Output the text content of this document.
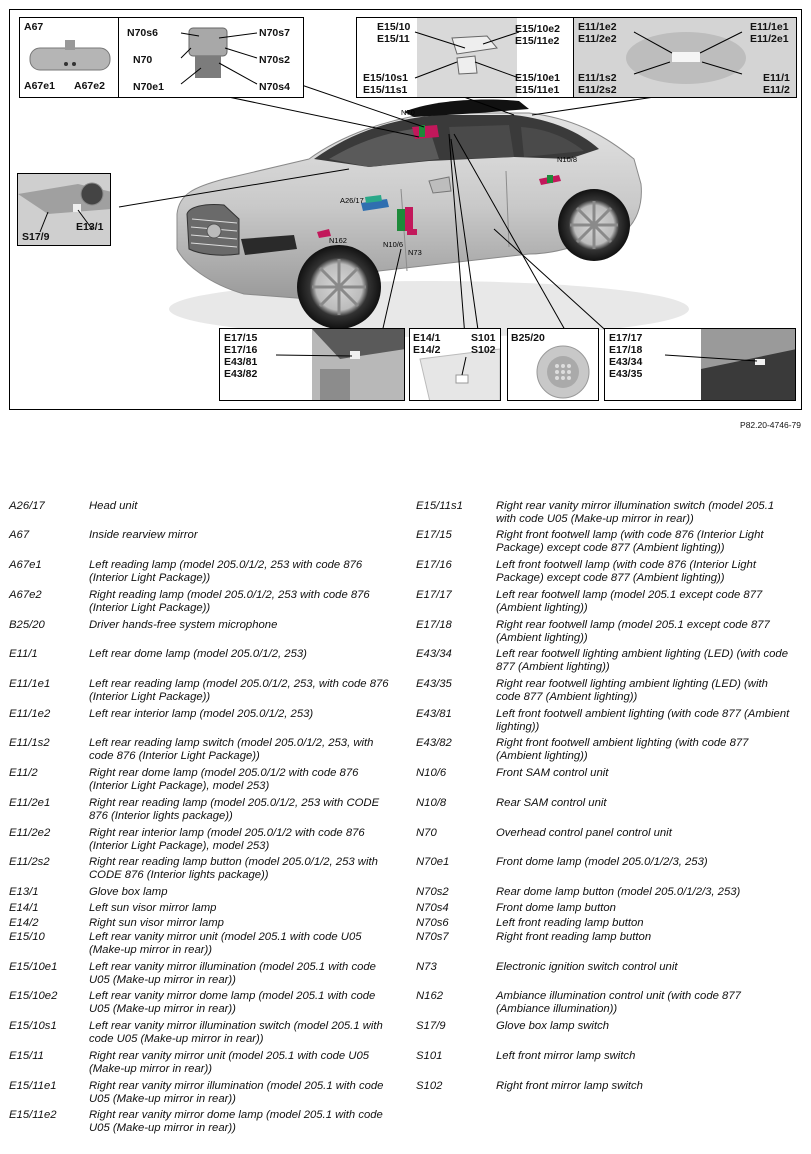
N70
N10/8
A26/17
N162	N10/6
N73
A67
A67e1 A67e2
N70s6	N70s7
N70	N70s2
N70e1	N70s4
E15/10
E15/11
E15/10e2
E15/11e2
E15/10s1
E15/11s1
E15/10e1
E15/11e1
E11/1e2
E11/2e2
E11/1e1
E11/2e1
E11/1s2
E11/2s2
E11/1
E11/2
S17/9
E13/1
E17/15
E17/16
E43/81
E43/82
E14/1
E14/2
S101
S102
B25/20	E17/17
E17/18
E43/34
E43/35
P82.20-4746-79
A26/17	Head unit
A67	Inside rearview mirror
A67e1	Left reading lamp (model 205.0/1/2, 253 with code 876 (Interior Light Package))
A67e2	Right reading lamp (model 205.0/1/2, 253 with code 876 (Interior Light Package))
B25/20	Driver hands-free system microphone
E11/1	Left rear dome lamp (model 205.0/1/2, 253)
E11/1e1	Left rear reading lamp (model 205.0/1/2, 253, with code 876 (Interior Light Package))
E11/1e2	Left rear interior lamp (model 205.0/1/2, 253)
E11/1s2	Left rear reading lamp switch (model 205.0/1/2, 253, with code 876 (Interior Light Package))
E11/2	Right rear dome lamp (model 205.0/1/2 with code 876 (Interior Light Package), model 253)
E11/2e1	Right rear reading lamp (model 205.0/1/2, 253 with CODE 876 (Interior lights package))
E11/2e2	Right rear interior lamp (model 205.0/1/2 with code 876 (Interior Light Package), model 253)
E11/2s2	Right rear reading lamp button (model 205.0/1/2, 253 with CODE 876 (Interior lights package))
E13/1	Glove box lamp
E14/1	Left sun visor mirror lamp
E14/2	Right sun visor mirror lamp
E15/10	Left rear vanity mirror unit (model 205.1 with code U05 (Make-up mirror in rear))
E15/10e1	Left rear vanity mirror illumination (model 205.1 with code U05 (Make-up mirror in rear))
E15/10e2	Left rear vanity mirror dome lamp (model 205.1 with code U05 (Make-up mirror in rear))
E15/10s1	Left rear vanity mirror illumination switch (model 205.1 with code U05 (Make-up mirror in rear))
E15/11	Right rear vanity mirror unit (model 205.1 with code U05 (Make-up mirror in rear))
E15/11e1	Right rear vanity mirror illumination (model 205.1 with code U05 (Make-up mirror in rear))
E15/11e2	Right rear vanity mirror dome lamp (model 205.1 with code U05 (Make-up mirror in rear))
E15/11s1	Right rear vanity mirror illumination switch (model 205.1 with code U05 (Make-up mirror in rear))
E17/15	Right front footwell lamp (with code 876 (Interior Light Package) except code 877 (Ambient lighting))
E17/16	Left front footwell lamp (with code 876 (Interior Light Package) except code 877 (Ambient lighting))
E17/17	Left rear footwell lamp (model 205.1 except code 877 (Ambient lighting))
E17/18	Right rear footwell lamp (model 205.1 except code 877 (Ambient lighting))
E43/34	Left rear footwell lighting ambient lighting (LED) (with code 877 (Ambient lighting))
E43/35	Right rear footwell lighting ambient lighting (LED) (with code 877 (Ambient lighting))
E43/81	Left front footwell ambient lighting (with code 877 (Ambient lighting))
E43/82	Right front footwell ambient lighting (with code 877 (Ambient lighting))
N10/6	Front SAM control unit
N10/8	Rear SAM control unit
N70	Overhead control panel control unit
N70e1	Front dome lamp (model 205.0/1/2/3, 253)
N70s2	Rear dome lamp button (model 205.0/1/2/3, 253)
N70s4	Front dome lamp button
N70s6	Left front reading lamp button
N70s7	Right front reading lamp button
N73	Electronic ignition switch control unit
N162	Ambiance illumination control unit (with code 877 (Ambiance illumination))
S17/9	Glove box lamp switch
S101	Left front mirror lamp switch
S102	Right front mirror lamp switch
